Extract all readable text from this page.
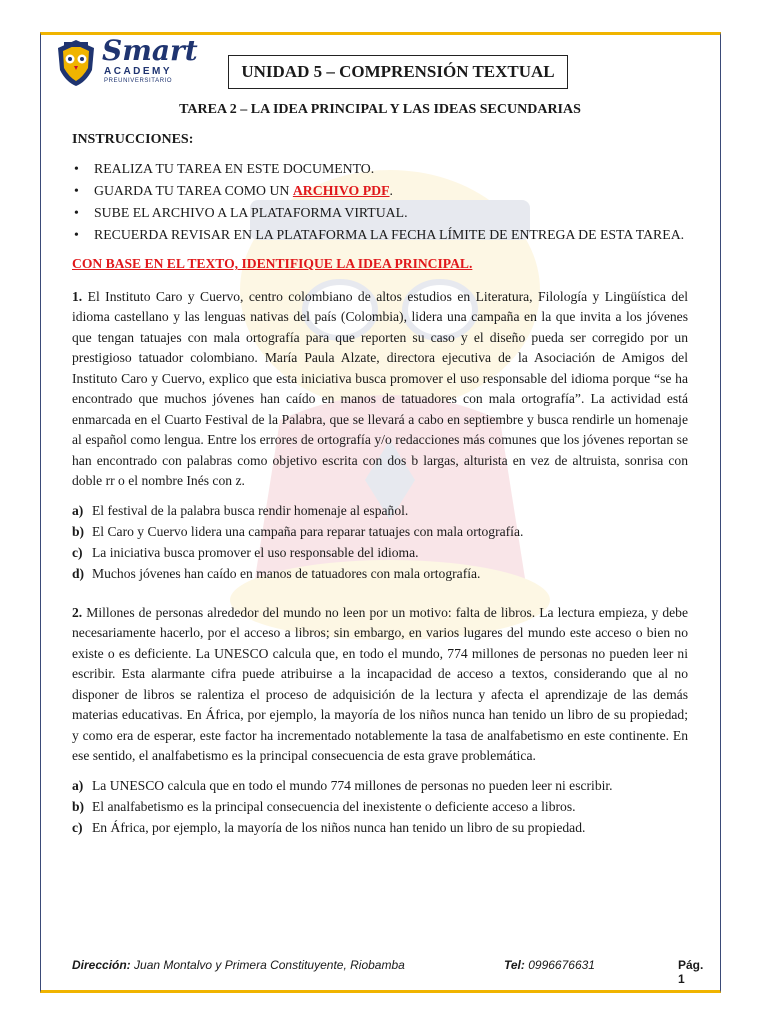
Smart
ACADEMY
PREUNIVERSITARIO	UNIDAD 5 – COMPRENSIÓN TEXTUAL
TAREA 2 – LA IDEA PRINCIPAL Y LAS IDEAS SECUNDARIAS
INSTRUCCIONES:
• REALIZA TU TAREA EN ESTE DOCUMENTO.
• GUARDA TU TAREA COMO UN ARCHIVO PDF.
• SUBE EL ARCHIVO A LA PLATAFORMA VIRTUAL.
• RECUERDA REVISAR EN LA PLATAFORMA LA FECHA LÍMITE DE ENTREGA DE ESTA TAREA.
CON BASE EN EL TEXTO, IDENTIFIQUE LA IDEA PRINCIPAL.
1. El Instituto Caro y Cuervo, centro colombiano de altos estudios en Literatura, Filología y Lingüística del idioma castellano y las lenguas nativas del país (Colombia), lidera una campaña en la que invita a los jóvenes que tengan tatuajes con mala ortografía para que reporten su caso y el diseño pueda ser corregido por un prestigioso tatuador colombiano. María Paula Alzate, directora ejecutiva de la Asociación de Amigos del Instituto Caro y Cuervo, explico que esta iniciativa busca promover el uso responsable del idioma porque “se ha encontrado que muchos jóvenes han caído en manos de tatuadores con mala ortografía”. La actividad está enmarcada en el Cuarto Festival de la Palabra, que se llevará a cabo en septiembre y busca rendirle un homenaje al español como lengua. Entre los errores de ortografía y/o redacciones más comunes que los jóvenes reportan se han encontrado con palabras como objetivo escrita con dos b largas, alturista en vez de altruista, sonrisa con doble rr o el nombre Inés con z.
a) El festival de la palabra busca rendir homenaje al español.
b) El Caro y Cuervo lidera una campaña para reparar tatuajes con mala ortografía.
c) La iniciativa busca promover el uso responsable del idioma.
d) Muchos jóvenes han caído en manos de tatuadores con mala ortografía.
2. Millones de personas alrededor del mundo no leen por un motivo: falta de libros. La lectura empieza, y debe necesariamente hacerlo, por el acceso a libros; sin embargo, en varios lugares del mundo este acceso o bien no existe o es deficiente. La UNESCO calcula que, en todo el mundo, 774 millones de personas no pueden leer ni escribir. Esta alarmante cifra puede atribuirse a la incapacidad de acceso a textos, considerando que al no disponer de libros se ralentiza el proceso de adquisición de la lectura y afecta el aprendizaje de las demás materias educativas. En África, por ejemplo, la mayoría de los niños nunca han tenido un libro de su propiedad; y como era de esperar, este factor ha incrementado notablemente la tasa de analfabetismo en este continente. En ese sentido, el analfabetismo es la principal consecuencia de esta grave problemática.
a) La UNESCO calcula que en todo el mundo 774 millones de personas no pueden leer ni escribir.
b) El analfabetismo es la principal consecuencia del inexistente o deficiente acceso a libros.
c) En África, por ejemplo, la mayoría de los niños nunca han tenido un libro de su propiedad.
Dirección: Juan Montalvo y Primera Constituyente, Riobamba	Tel: 0996676631	Pág. 1
